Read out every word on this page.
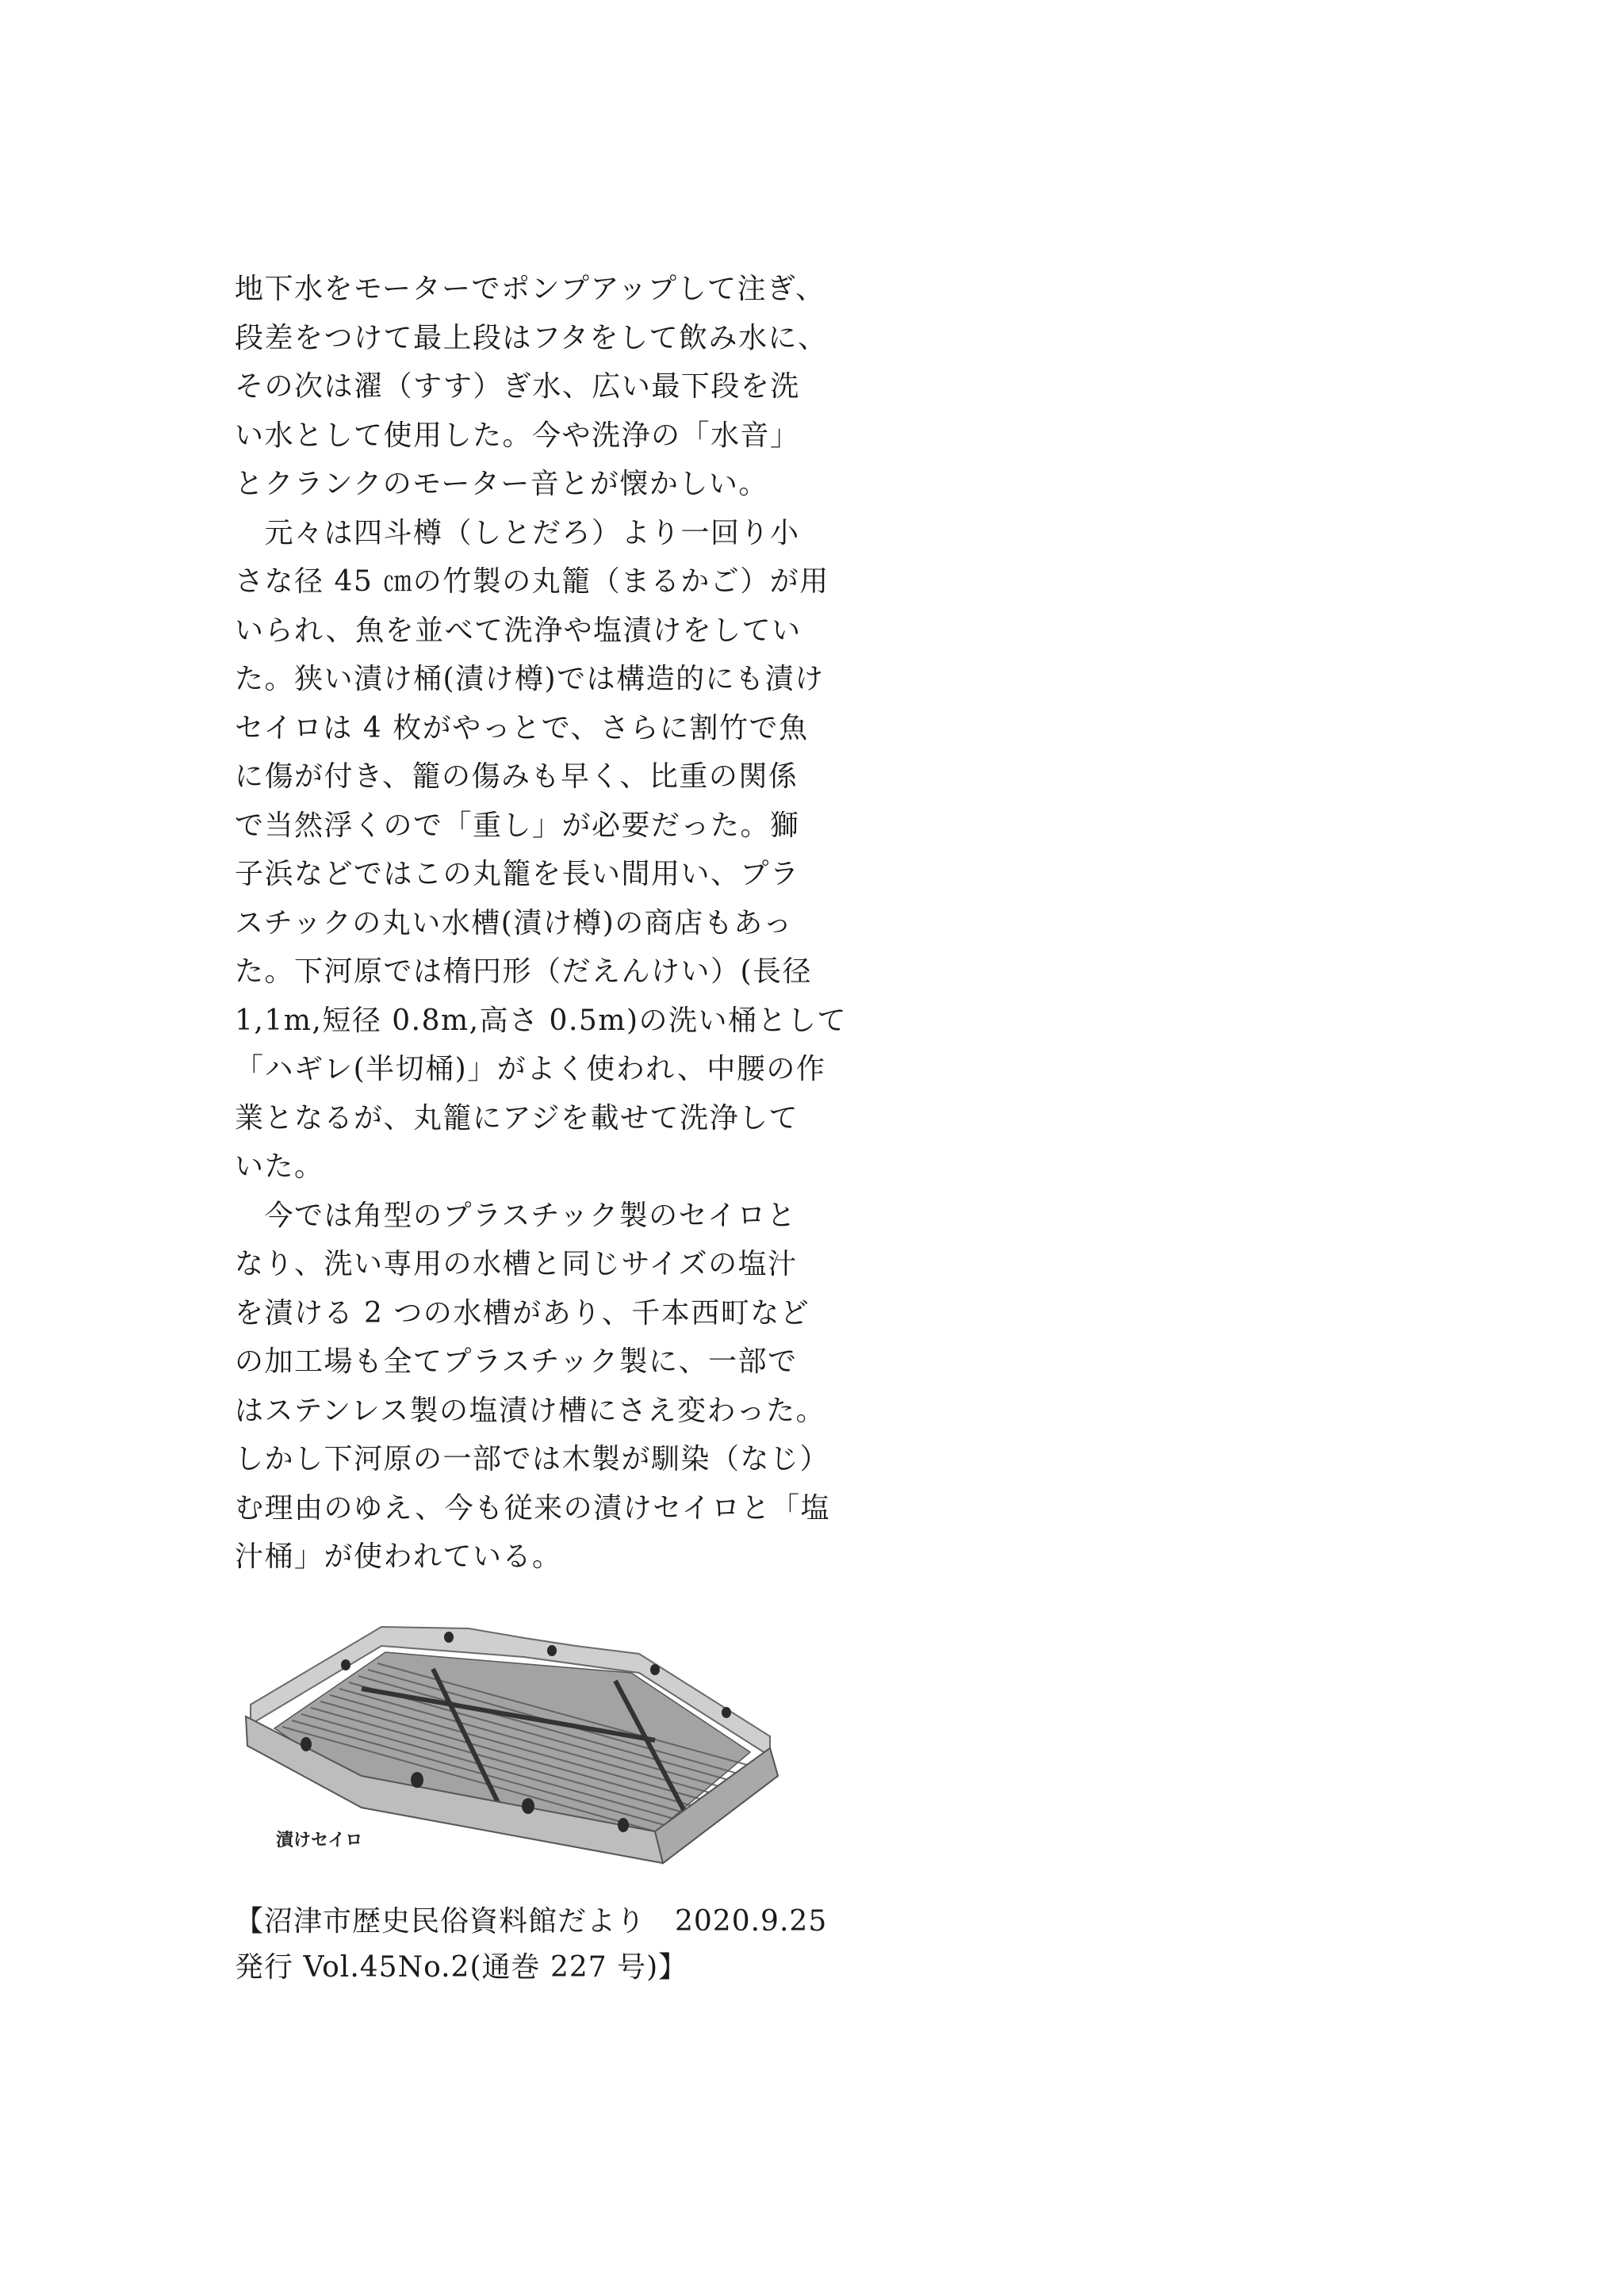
地下水をモーターでポンプアップして注ぎ、
段差をつけて最上段はフタをして飲み水に、
その次は濯（すす）ぎ水、広い最下段を洗
い水として使用した。今や洗浄の「水音」
とクランクのモーター音とが懐かしい。
　元々は四斗樽（しとだろ）より一回り小
さな径 45 ㎝の竹製の丸籠（まるかご）が用
いられ、魚を並べて洗浄や塩漬けをしてい
た。狭い漬け桶(漬け樽)では構造的にも漬け
セイロは 4 枚がやっとで、さらに割竹で魚
に傷が付き、籠の傷みも早く、比重の関係
で当然浮くので「重し」が必要だった。獅
子浜などではこの丸籠を長い間用い、プラ
スチックの丸い水槽(漬け樽)の商店もあっ
た。下河原では楕円形（だえんけい）(長径
1,1m,短径 0.8m,高さ 0.5m)の洗い桶として
「ハギレ(半切桶)」がよく使われ、中腰の作
業となるが、丸籠にアジを載せて洗浄して
いた。
　今では角型のプラスチック製のセイロと
なり、洗い専用の水槽と同じサイズの塩汁
を漬ける 2 つの水槽があり、千本西町など
の加工場も全てプラスチック製に、一部で
はステンレス製の塩漬け槽にさえ変わった。
しかし下河原の一部では木製が馴染（なじ）
む理由のゆえ、今も従来の漬けセイロと「塩
汁桶」が使われている。
漬けセイロ
【沼津市歴史民俗資料館だより　2020.9.25
発行 Vol.45No.2(通巻 227 号)】
